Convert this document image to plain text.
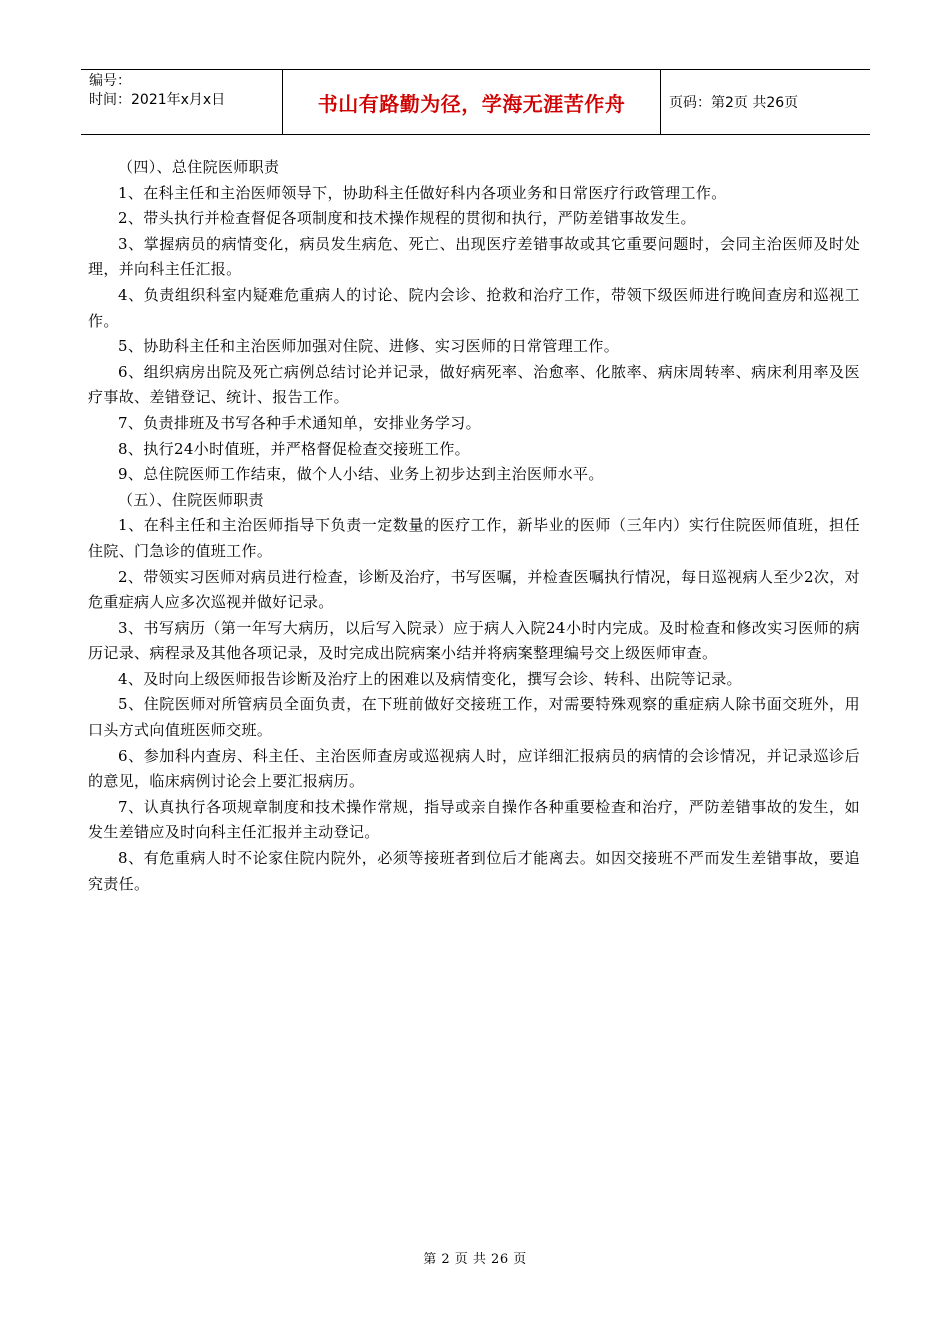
编号：
时间：2021年x月x日	书山有路勤为径，学海无涯苦作舟	页码：第2页 共26页

（四）、总住院医师职责

1、在科主任和主治医师领导下，协助科主任做好科内各项业务和日常医疗行政管理工作。

2、带头执行并检查督促各项制度和技术操作规程的贯彻和执行，严防差错事故发生。

3、掌握病员的病情变化，病员发生病危、死亡、出现医疗差错事故或其它重要问题时，会同主治医师及时处理，并向科主任汇报。

4、负责组织科室内疑难危重病人的讨论、院内会诊、抢救和治疗工作，带领下级医师进行晚间查房和巡视工作。

5、协助科主任和主治医师加强对住院、进修、实习医师的日常管理工作。

6、组织病房出院及死亡病例总结讨论并记录，做好病死率、治愈率、化脓率、病床周转率、病床利用率及医疗事故、差错登记、统计、报告工作。

7、负责排班及书写各种手术通知单，安排业务学习。

8、执行24小时值班，并严格督促检查交接班工作。

9、总住院医师工作结束，做个人小结、业务上初步达到主治医师水平。

（五）、住院医师职责

1、在科主任和主治医师指导下负责一定数量的医疗工作，新毕业的医师（三年内）实行住院医师值班，担任住院、门急诊的值班工作。

2、带领实习医师对病员进行检查，诊断及治疗，书写医嘱，并检查医嘱执行情况，每日巡视病人至少2次，对危重症病人应多次巡视并做好记录。

3、书写病历（第一年写大病历，以后写入院录）应于病人入院24小时内完成。及时检查和修改实习医师的病历记录、病程录及其他各项记录，及时完成出院病案小结并将病案整理编号交上级医师审查。

4、及时向上级医师报告诊断及治疗上的困难以及病情变化，撰写会诊、转科、出院等记录。

5、住院医师对所管病员全面负责，在下班前做好交接班工作，对需要特殊观察的重症病人除书面交班外，用口头方式向值班医师交班。

6、参加科内查房、科主任、主治医师查房或巡视病人时，应详细汇报病员的病情的会诊情况，并记录巡诊后的意见，临床病例讨论会上要汇报病历。

7、认真执行各项规章制度和技术操作常规，指导或亲自操作各种重要检查和治疗，严防差错事故的发生，如发生差错应及时向科主任汇报并主动登记。

8、有危重病人时不论家住院内院外，必须等接班者到位后才能离去。如因交接班不严而发生差错事故，要追究责任。

第 2 页 共 26 页
